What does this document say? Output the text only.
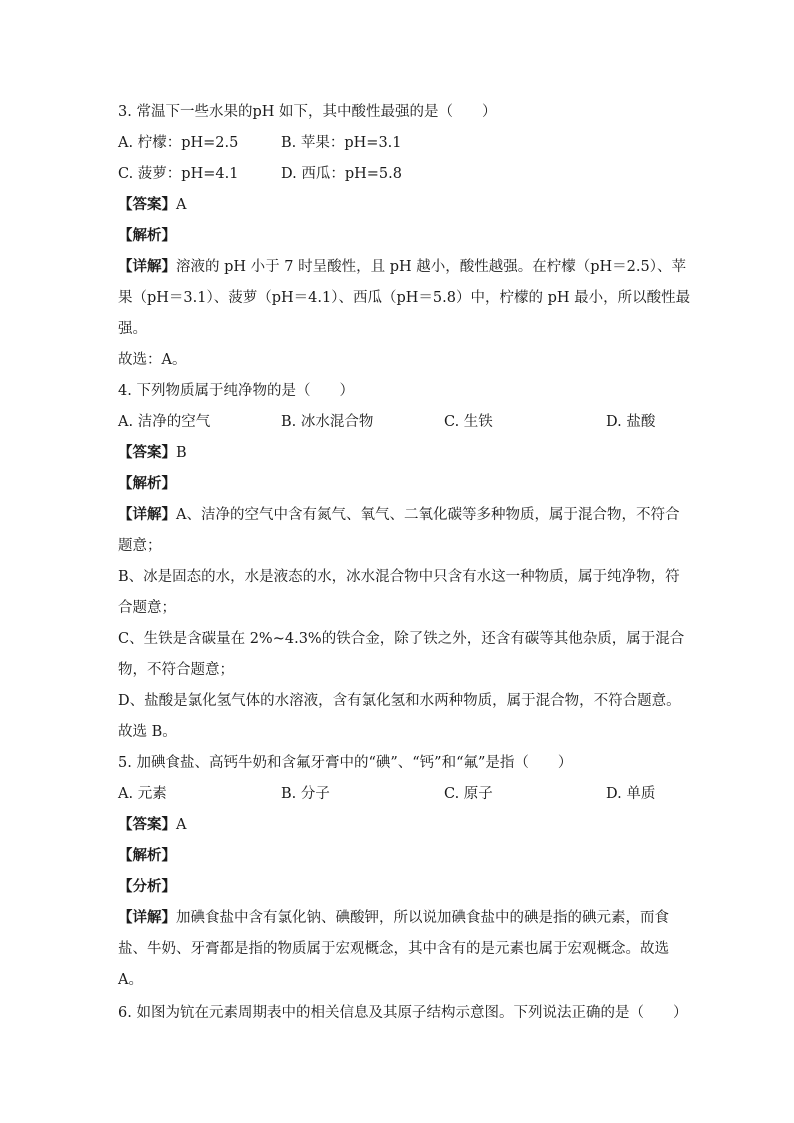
3. 常温下一些水果的pH 如下，其中酸性最强的是（　　）
A. 柠檬：pH=2.5	B. 苹果：pH=3.1
C. 菠萝：pH=4.1	D. 西瓜：pH=5.8
【答案】A
【解析】
【详解】溶液的 pH 小于 7 时呈酸性，且 pH 越小，酸性越强。在柠檬（pH＝2.5）、苹
果（pH＝3.1）、菠萝（pH＝4.1）、西瓜（pH＝5.8）中，柠檬的 pH 最小，所以酸性最
强。
故选：A。
4. 下列物质属于纯净物的是（　　）
A. 洁净的空气	B. 冰水混合物	C. 生铁	D. 盐酸
【答案】B
【解析】
【详解】A、洁净的空气中含有氮气、氧气、二氧化碳等多种物质，属于混合物，不符合
题意；
B、冰是固态的水，水是液态的水，冰水混合物中只含有水这一种物质，属于纯净物，符
合题意；
C、生铁是含碳量在 2%~4.3%的铁合金，除了铁之外，还含有碳等其他杂质，属于混合
物，不符合题意；
D、盐酸是氯化氢气体的水溶液，含有氯化氢和水两种物质，属于混合物，不符合题意。
故选 B。
5. 加碘食盐、高钙牛奶和含氟牙膏中的“碘”、“钙”和“氟”是指（　　）
A. 元素	B. 分子	C. 原子	D. 单质
【答案】A
【解析】
【分析】
【详解】加碘食盐中含有氯化钠、碘酸钾，所以说加碘食盐中的碘是指的碘元素，而食
盐、牛奶、牙膏都是指的物质属于宏观概念，其中含有的是元素也属于宏观概念。故选
A。
6. 如图为钪在元素周期表中的相关信息及其原子结构示意图。下列说法正确的是（　　）
